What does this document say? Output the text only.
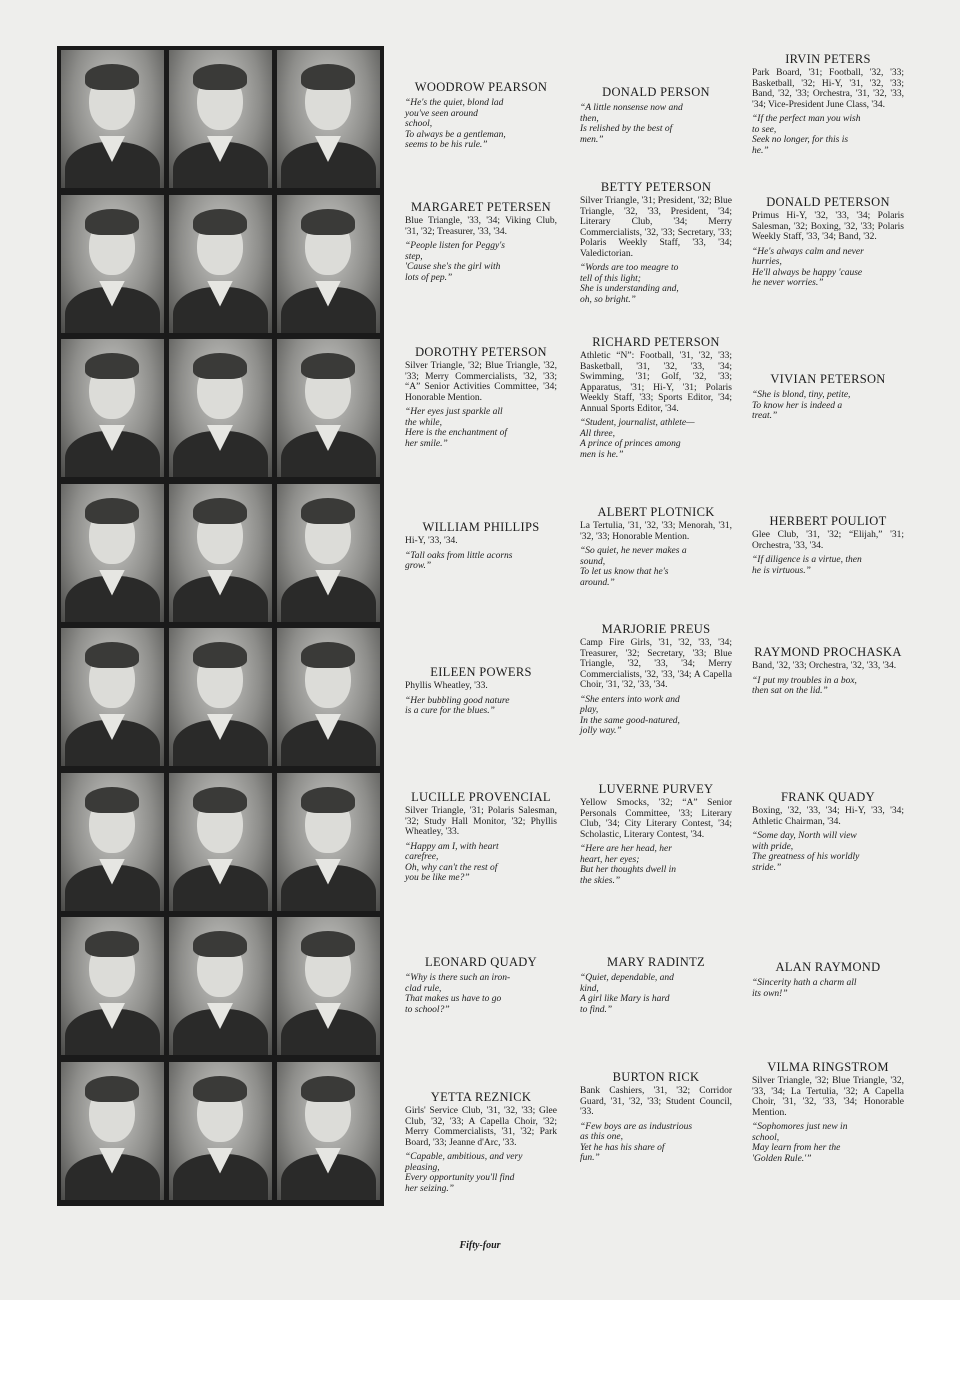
WOODROW PEARSON
“He's the quiet, blond lad
you've seen around
school,
To always be a gentleman,
seems to be his rule.”
MARGARET PETERSEN
Blue Triangle, '33, '34; Viking Club, '31, '32; Treasurer, '33, '34.
“People listen for Peggy's
step,
'Cause she's the girl with
lots of pep.”
DOROTHY PETERSON
Silver Triangle, '32; Blue Triangle, '32, '33; Merry Commercialists, '32, '33; “A” Senior Activities Committee, '34; Honorable Mention.
“Her eyes just sparkle all
the while,
Here is the enchantment of
her smile.”
WILLIAM PHILLIPS
Hi-Y, '33, '34.
“Tall oaks from little acorns
grow.”
EILEEN POWERS
Phyllis Wheatley, '33.
“Her bubbling good nature
is a cure for the blues.”
LUCILLE PROVENCIAL
Silver Triangle, '31; Polaris Salesman, '32; Study Hall Monitor, '32; Phyllis Wheatley, '33.
“Happy am I, with heart
carefree,
Oh, why can't the rest of
you be like me?”
LEONARD QUADY
“Why is there such an iron-
clad rule,
That makes us have to go
to school?”
YETTA REZNICK
Girls' Service Club, '31, '32, '33; Glee Club, '32, '33; A Capella Choir, '32; Merry Commercialists, '31, '32; Park Board, '33; Jeanne d'Arc, '33.
“Capable, ambitious, and very
pleasing,
Every opportunity you'll find
her seizing.”
DONALD PERSON
“A little nonsense now and
then,
Is relished by the best of
men.”
BETTY PETERSON
Silver Triangle, '31; President, '32; Blue Triangle, '32, '33, President, '34; Literary Club, '34; Merry Commercialists, '32, '33; Secretary, '33; Polaris Weekly Staff, '33, '34; Valedictorian.
“Words are too meagre to
tell of this light;
She is understanding and,
oh, so bright.”
RICHARD PETERSON
Athletic “N”: Football, '31, '32, '33; Basketball, '31, '32, '33, '34; Swimming, '31; Golf, '32, '33; Apparatus, '31; Hi-Y, '31; Polaris Weekly Staff, '33; Sports Editor, '34; Annual Sports Editor, '34.
“Student, journalist, athlete—
All three,
A prince of princes among
men is he.”
ALBERT PLOTNICK
La Tertulia, '31, '32, '33; Menorah, '31, '32, '33; Honorable Mention.
“So quiet, he never makes a
sound,
To let us know that he's
around.”
MARJORIE PREUS
Camp Fire Girls, '31, '32, '33, '34; Treasurer, '32; Secretary, '33; Blue Triangle, '32, '33, '34; Merry Commercialists, '32, '33, '34; A Capella Choir, '31, '32, '33, '34.
“She enters into work and
play,
In the same good-natured,
jolly way.”
LUVERNE PURVEY
Yellow Smocks, '32; “A” Senior Personals Committee, '33; Literary Club, '34; City Literary Contest, '34; Scholastic, Literary Contest, '34.
“Here are her head, her
heart, her eyes;
But her thoughts dwell in
the skies.”
MARY RADINTZ
“Quiet, dependable, and
kind,
A girl like Mary is hard
to find.”
BURTON RICK
Bank Cashiers, '31, '32; Corridor Guard, '31, '32, '33; Student Council, '33.
“Few boys are as industrious
as this one,
Yet he has his share of
fun.”
IRVIN PETERS
Park Board, '31; Football, '32, '33; Basketball, '32; Hi-Y, '31, '32, '33; Band, '32, '33; Orchestra, '31, '32, '33, '34; Vice-President June Class, '34.
“If the perfect man you wish
to see,
Seek no longer, for this is
he.”
DONALD PETERSON
Primus Hi-Y, '32, '33, '34; Polaris Salesman, '32; Boxing, '32, '33; Polaris Weekly Staff, '33, '34; Band, '32.
“He's always calm and never
hurries,
He'll always be happy 'cause
he never worries.”
VIVIAN PETERSON
“She is blond, tiny, petite,
To know her is indeed a
treat.”
HERBERT POULIOT
Glee Club, '31, '32; “Elijah,” '31; Orchestra, '33, '34.
“If diligence is a virtue, then
he is virtuous.”
RAYMOND PROCHASKA
Band, '32, '33; Orchestra, '32, '33, '34.
“I put my troubles in a box,
then sat on the lid.”
FRANK QUADY
Boxing, '32, '33, '34; Hi-Y, '33, '34; Athletic Chairman, '34.
“Some day, North will view
with pride,
The greatness of his worldly
stride.”
ALAN RAYMOND
“Sincerity hath a charm all
its own!”
VILMA RINGSTROM
Silver Triangle, '32; Blue Triangle, '32, '33, '34; La Tertulia, '32; A Capella Choir, '31, '32, '33, '34; Honorable Mention.
“Sophomores just new in
school,
May learn from her the
'Golden Rule.'”
Fifty-four
